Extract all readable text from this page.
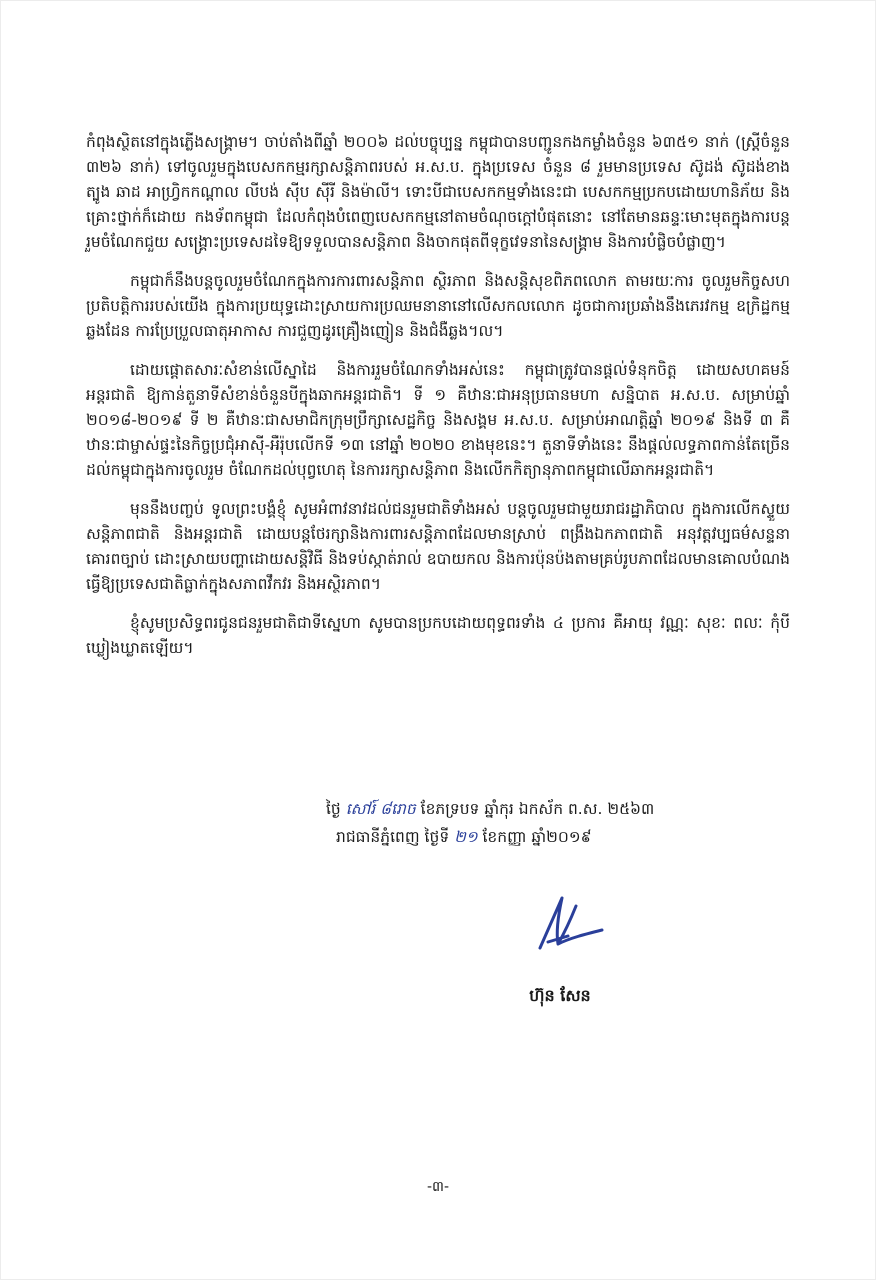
កំពុងស្ថិតនៅក្នុងភ្លើងសង្គ្រាម។ ចាប់តាំងពីឆ្នាំ ២០០៦ ដល់បច្ចុប្បន្ន កម្ពុជាបានបញ្ជូនកងកម្លាំងចំនួន ៦៣៥១ នាក់ (ស្ត្រីចំនួន ៣២៦ នាក់) ទៅចូលរួមក្នុងបេសកកម្មរក្សាសន្តិភាពរបស់ អ.ស.ប. ក្នុងប្រទេស ចំនួន ៨ រួមមានប្រទេស ស៊ូដង់ ស៊ូដង់ខាងត្បូង ឆាដ អាហ្វ្រិកកណ្តាល លីបង់ ស៊ីប ស៊ីរី និងម៉ាលី។ ទោះបីជាបេសកកម្មទាំងនេះជា បេសកកម្មប្រកបដោយហានិភ័យ និងគ្រោះថ្នាក់ក៏ដោយ កងទ័ពកម្ពុជា ដែលកំពុងបំពេញបេសកកម្មនៅតាមចំណុចក្តៅបំផុតនោះ នៅតែមានឆន្ទៈមោះមុតក្នុងការបន្តរួមចំណែកជួយ សង្គ្រោះប្រទេសដទៃឱ្យទទួលបានសន្តិភាព និងចាកផុតពីទុក្ខវេទនានៃសង្គ្រាម និងការបំផ្លិចបំផ្លាញ។

កម្ពុជាក៏នឹងបន្តចូលរួមចំណែកក្នុងការការពារសន្តិភាព ស្ថិរភាព និងសន្តិសុខពិភពលោក តាមរយៈការ ចូលរួមកិច្ចសហប្រតិបត្តិការរបស់យើង ក្នុងការប្រយុទ្ធដោះស្រាយការប្រឈមនានានៅលើសកលលោក ដូចជាការប្រឆាំងនឹងភេរវកម្ម ឧក្រិដ្ឋកម្មឆ្លងដែន ការប្រែប្រួលធាតុអាកាស ការជួញដូរគ្រឿងញៀន និងជំងឺឆ្លង។ល។

ដោយផ្តោតសារៈសំខាន់លើស្នាដៃ និងការរួមចំណែកទាំងអស់នេះ កម្ពុជាត្រូវបានផ្តល់ទំនុកចិត្ត ដោយសហគមន៍អន្តរជាតិ ឱ្យកាន់តួនាទីសំខាន់ចំនួនបីក្នុងឆាកអន្តរជាតិ។ ទី ១ គឺឋានៈជាអនុប្រធានមហា សន្និបាត អ.ស.ប. សម្រាប់ឆ្នាំ ២០១៨-២០១៩ ទី ២ គឺឋានៈជាសមាជិកក្រុមប្រឹក្សាសេដ្ឋកិច្ច និងសង្គម អ.ស.ប. សម្រាប់អាណត្តិឆ្នាំ ២០១៩ និងទី ៣ គឺឋានៈជាម្ចាស់ផ្ទះនៃកិច្ចប្រជុំអាស៊ី-អឺរ៉ុបលើកទី ១៣ នៅឆ្នាំ ២០២០ ខាងមុខនេះ។ តួនាទីទាំងនេះ នឹងផ្តល់លទ្ធភាពកាន់តែច្រើនដល់កម្ពុជាក្នុងការចូលរួម ចំណែកដល់បុព្វហេតុ នៃការរក្សាសន្តិភាព និងលើកកិត្យានុភាពកម្ពុជាលើឆាកអន្តរជាតិ។

មុននឹងបញ្ចប់ ទូលព្រះបង្គំខ្ញុំ សូមអំពាវនាវដល់ជនរួមជាតិទាំងអស់ បន្តចូលរួមជាមួយរាជរដ្ឋាភិបាល ក្នុងការលើកស្ទួយសន្តិភាពជាតិ និងអន្តរជាតិ ដោយបន្តថែរក្សានិងការពារសន្តិភាពដែលមានស្រាប់ ពង្រឹងឯកភាពជាតិ អនុវត្តវប្បធម៌សន្ទនា គោរពច្បាប់ ដោះស្រាយបញ្ហាដោយសន្តិវិធី និងទប់ស្កាត់រាល់ ឧបាយកល និងការប៉ុនប៉ងតាមគ្រប់រូបភាពដែលមានគោលបំណងធ្វើឱ្យប្រទេសជាតិធ្លាក់ក្នុងសភាពវឹកវរ និងអស្ថិរភាព។

ខ្ញុំសូមប្រសិទ្ធពរជូនជនរួមជាតិជាទីស្នេហា សូមបានប្រកបដោយពុទ្ធពរទាំង ៤ ប្រការ គឺអាយុ វណ្ណៈ សុខៈ ពលៈ កុំបីឃ្លៀងឃ្លាតឡើយ។

ថ្ងៃ សៅរ៍ ៨រោច ខែភទ្របទ ឆ្នាំកុរ ឯកស័ក ព.ស. ២៥៦៣
រាជធានីភ្នំពេញ ថ្ងៃទី ២១ ខែកញ្ញា ឆ្នាំ២០១៩
ហ៊ុន សែន
-៣-
